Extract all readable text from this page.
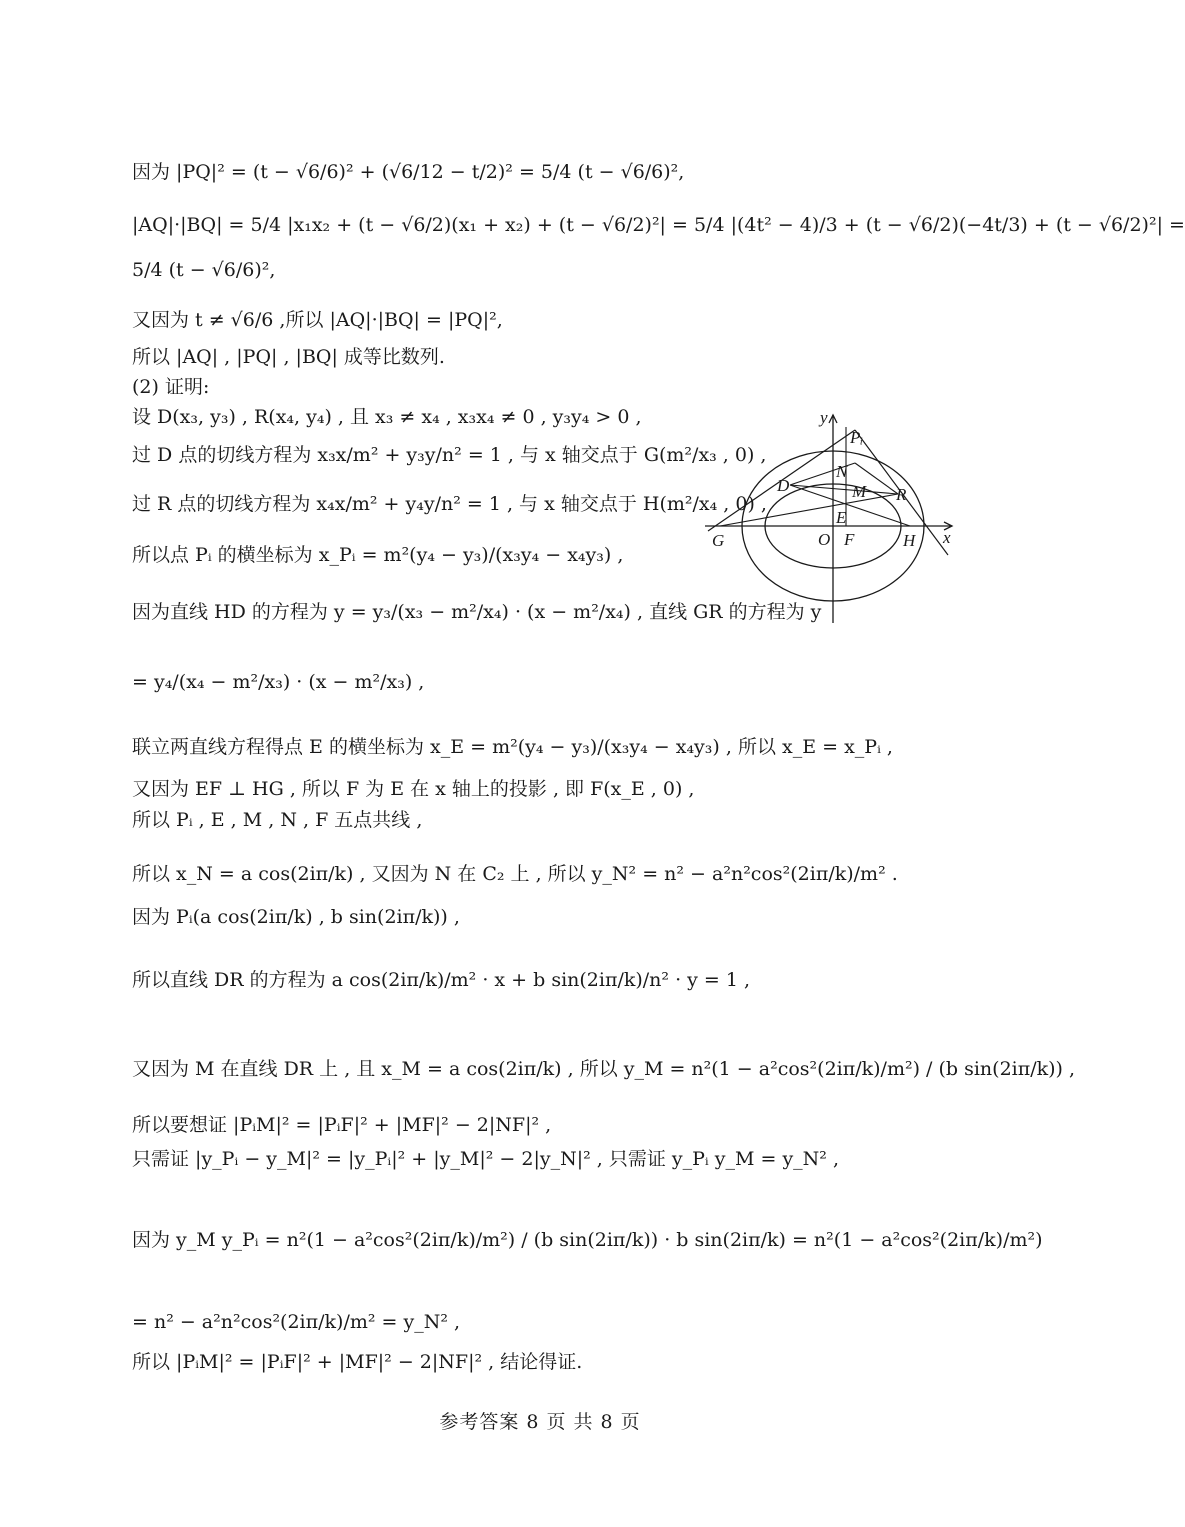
因为 |PQ|² = (t − √6/6)² + (√6/12 − t/2)² = 5/4 (t − √6/6)²,
|AQ|·|BQ| = 5/4 |x₁x₂ + (t − √6/2)(x₁ + x₂) + (t − √6/2)²| = 5/4 |(4t² − 4)/3 + (t − √6/2)(−4t/3) + (t − √6/2)²| =
5/4 (t − √6/6)²,
又因为 t ≠ √6/6 ,所以 |AQ|·|BQ| = |PQ|²,
所以 |AQ| , |PQ| , |BQ| 成等比数列.
(2) 证明:
设 D(x₃, y₃) , R(x₄, y₄) , 且 x₃ ≠ x₄ , x₃x₄ ≠ 0 , y₃y₄ > 0 ,
过 D 点的切线方程为 x₃x/m² + y₃y/n² = 1 , 与 x 轴交点于 G(m²/x₃ , 0) ,
过 R 点的切线方程为 x₄x/m² + y₄y/n² = 1 , 与 x 轴交点于 H(m²/x₄ , 0) ,
所以点 Pᵢ 的横坐标为 x_Pᵢ = m²(y₄ − y₃)/(x₃y₄ − x₄y₃) ,
因为直线 HD 的方程为 y = y₃/(x₃ − m²/x₄) · (x − m²/x₄) , 直线 GR 的方程为 y
= y₄/(x₄ − m²/x₃) · (x − m²/x₃) ,
联立两直线方程得点 E 的横坐标为 x_E = m²(y₄ − y₃)/(x₃y₄ − x₄y₃) , 所以 x_E = x_Pᵢ ,
又因为 EF ⊥ HG , 所以 F 为 E 在 x 轴上的投影 , 即 F(x_E , 0) ,
所以 Pᵢ , E , M , N , F 五点共线 ,
所以 x_N = a cos(2iπ/k) , 又因为 N 在 C₂ 上 , 所以 y_N² = n² − a²n²cos²(2iπ/k)/m² .
因为 Pᵢ(a cos(2iπ/k) , b sin(2iπ/k)) ,
所以直线 DR 的方程为 a cos(2iπ/k)/m² · x + b sin(2iπ/k)/n² · y = 1 ,
又因为 M 在直线 DR 上 , 且 x_M = a cos(2iπ/k) , 所以 y_M = n²(1 − a²cos²(2iπ/k)/m²) / (b sin(2iπ/k)) ,
所以要想证 |PᵢM|² = |PᵢF|² + |MF|² − 2|NF|² ,
只需证 |y_Pᵢ − y_M|² = |y_Pᵢ|² + |y_M|² − 2|y_N|² , 只需证 y_Pᵢ y_M = y_N² ,
因为 y_M y_Pᵢ = n²(1 − a²cos²(2iπ/k)/m²) / (b sin(2iπ/k)) · b sin(2iπ/k) = n²(1 − a²cos²(2iπ/k)/m²)
= n² − a²n²cos²(2iπ/k)/m² = y_N² ,
所以 |PᵢM|² = |PᵢF|² + |MF|² − 2|NF|² , 结论得证.
y
Pᵢ
N
D	M R
E
G	O F	H x
参考答案 8 页 共 8 页
